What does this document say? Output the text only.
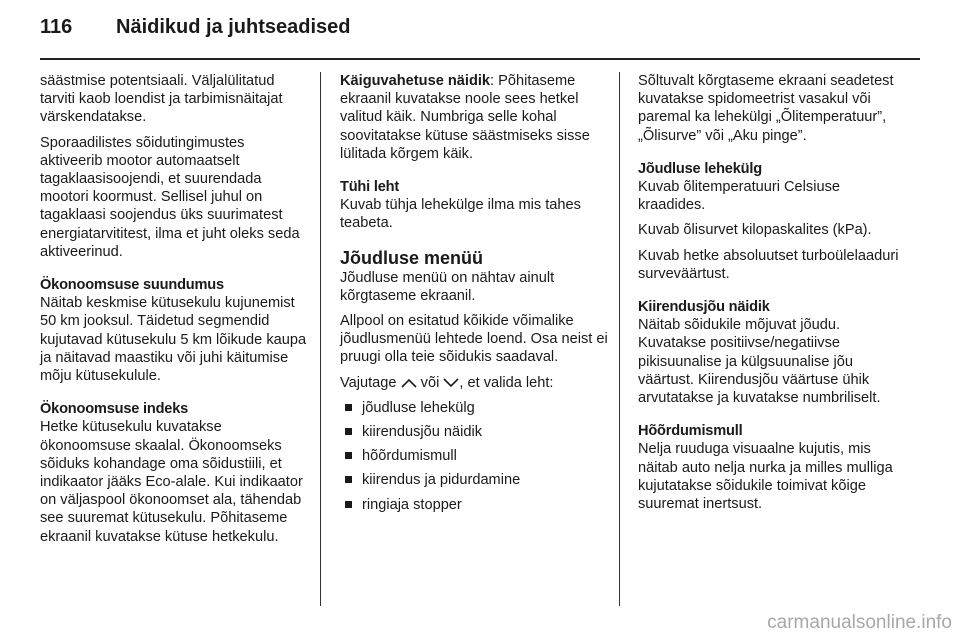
116 Näidikud ja juhtseadised

säästmise potentsiaali. Väljalülitatud tarviti kaob loendist ja tarbimisnäitajat värskendatakse.

Sporaadilistes sõidutingimustes aktiveerib mootor automaatselt tagaklaasisoojendi, et suurendada mootori koormust. Sellisel juhul on tagaklaasi soojendus üks suurimatest energiatarvititest, ilma et juht oleks seda aktiveerinud.

Ökonoomsuse suundumus

Näitab keskmise kütusekulu kujunemist 50 km jooksul. Täidetud segmendid kujutavad kütusekulu 5 km lõikude kaupa ja näitavad maastiku või juhi käitumise mõju kütusekulule.

Ökonoomsuse indeks

Hetke kütusekulu kuvatakse ökonoomsuse skaalal. Ökonoomseks sõiduks kohandage oma sõidustiili, et indikaator jääks Eco-alale. Kui indikaator on väljaspool ökonoomset ala, tähendab see suuremat kütusekulu. Põhitaseme ekraanil kuvatakse kütuse hetkekulu.

Käiguvahetuse näidik: Põhitaseme ekraanil kuvatakse noole sees hetkel valitud käik. Numbriga selle kohal soovitatakse kütuse säästmiseks sisse lülitada kõrgem käik.

Tühi leht

Kuvab tühja lehekülge ilma mis tahes teabeta.

Jõudluse menüü

Jõudluse menüü on nähtav ainult kõrgtaseme ekraanil.

Allpool on esitatud kõikide võimalike jõudlusmenüü lehtede loend. Osa neist ei pruugi olla teie sõidukis saadaval.

Vajutage või , et valida leht:

jõudluse lehekülg
kiirendusjõu näidik
hõõrdumismull
kiirendus ja pidurdamine
ringiaja stopper

Sõltuvalt kõrgtaseme ekraani seadetest kuvatakse spidomeetrist vasakul või paremal ka lehekülgi „Õlitemperatuur”, „Õlisurve” või „Aku pinge”.

Jõudluse lehekülg

Kuvab õlitemperatuuri Celsiuse kraadides.

Kuvab õlisurvet kilopaskalites (kPa).

Kuvab hetke absoluutset turboülelaaduri surveväärtust.

Kiirendusjõu näidik

Näitab sõidukile mõjuvat jõudu. Kuvatakse positiivse/negatiivse pikisuunalise ja külgsuunalise jõu väärtust. Kiirendusjõu väärtuse ühik arvutatakse ja kuvatakse numbriliselt.

Hõõrdumismull

Nelja ruuduga visuaalne kujutis, mis näitab auto nelja nurka ja milles mulliga kujutatakse sõidukile toimivat kõige suuremat inertsust.

carmanualsonline.info
